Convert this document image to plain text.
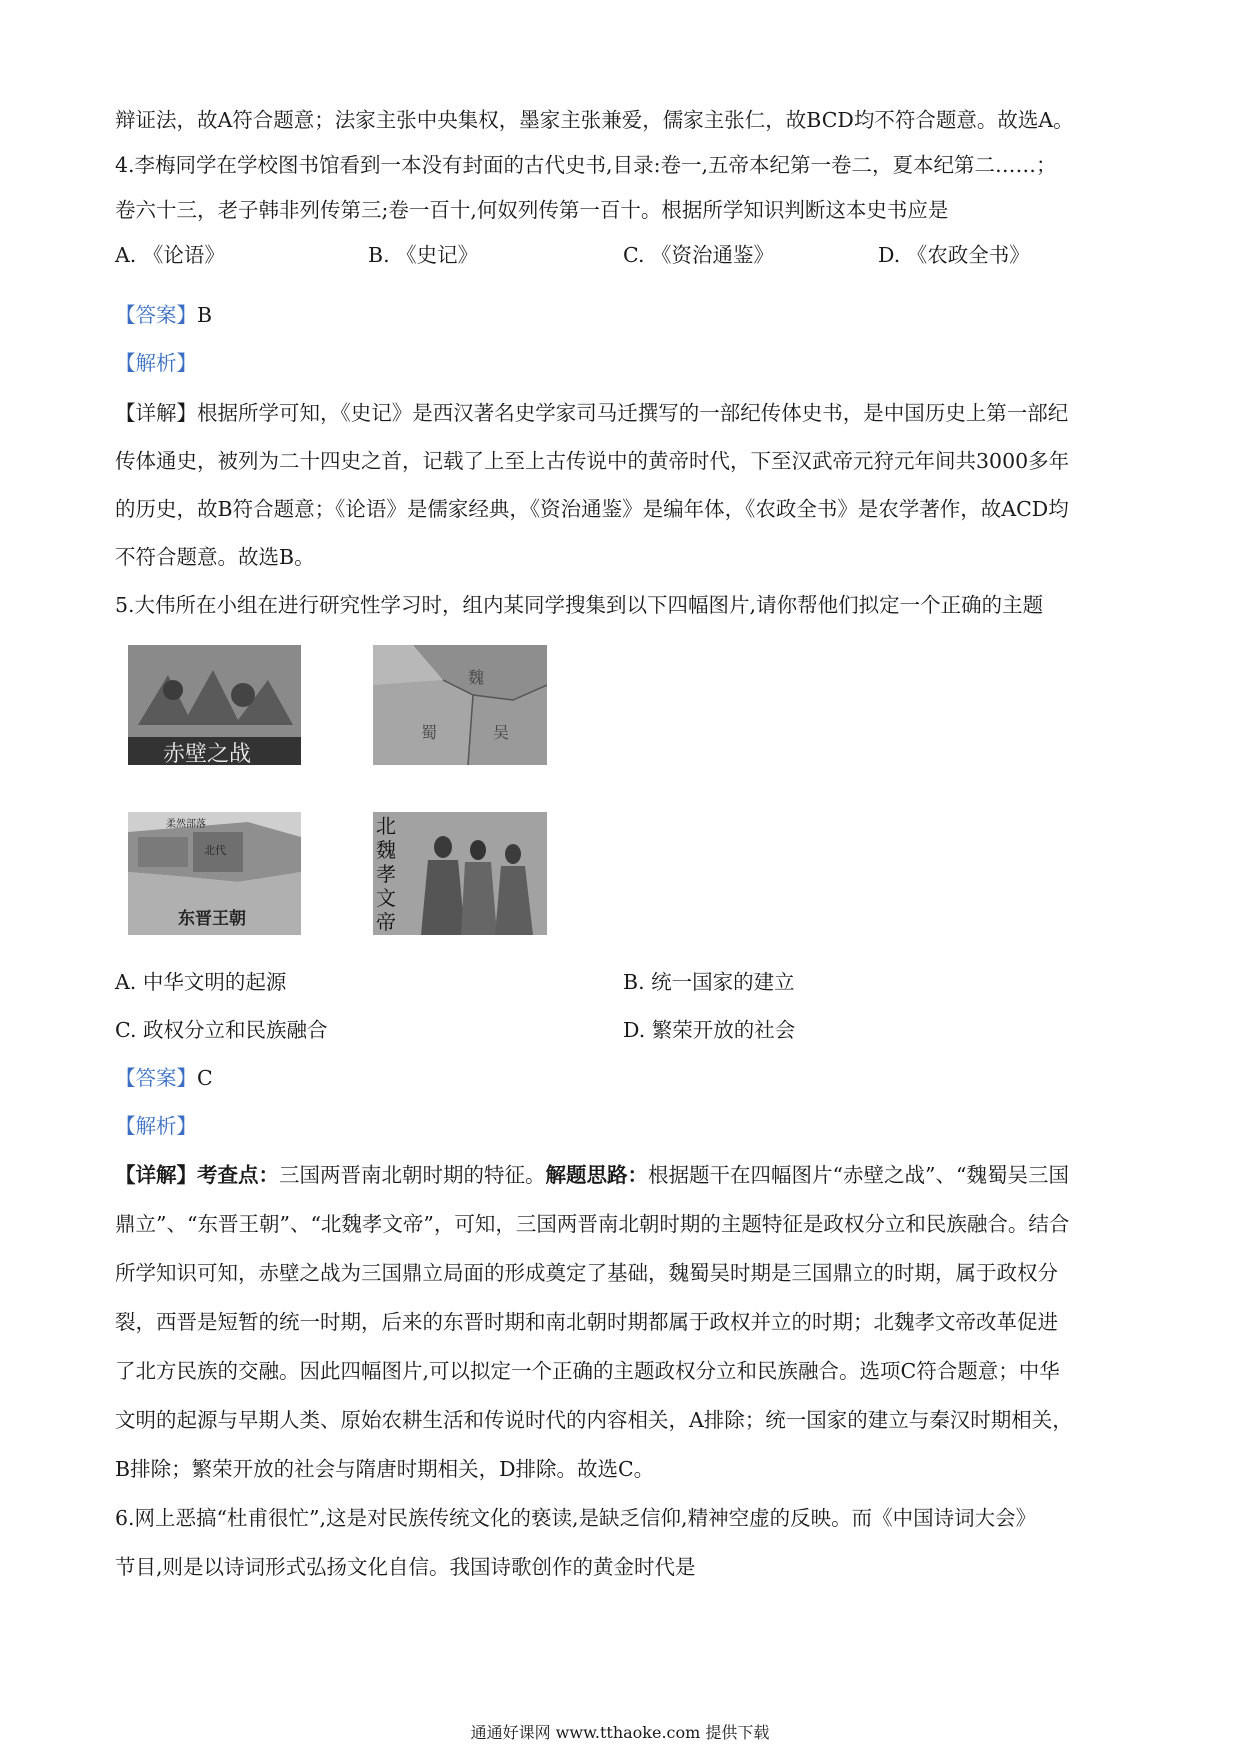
辩证法，故A符合题意；法家主张中央集权，墨家主张兼爱，儒家主张仁，故BCD均不符合题意。故选A。
4.李梅同学在学校图书馆看到一本没有封面的古代史书,目录:卷一,五帝本纪第一卷二，夏本纪第二……；
卷六十三，老子韩非列传第三;卷一百十,何奴列传第一百十。根据所学知识判断这本史书应是
A. 《论语》	B. 《史记》	C. 《资治通鉴》	D. 《农政全书》
【答案】B
【解析】
【详解】根据所学可知，《史记》是西汉著名史学家司马迁撰写的一部纪传体史书，是中国历史上第一部纪
传体通史，被列为二十四史之首，记载了上至上古传说中的黄帝时代，下至汉武帝元狩元年间共3000多年
的历史，故B符合题意；《论语》是儒家经典，《资治通鉴》是编年体，《农政全书》是农学著作，故ACD均
不符合题意。故选B。
5.大伟所在小组在进行研究性学习时，组内某同学搜集到以下四幅图片,请你帮他们拟定一个正确的主题
赤壁之战
魏
蜀	吴
柔然部落
北代
东晋王朝
北魏孝文帝
A. 中华文明的起源	B. 统一国家的建立
C. 政权分立和民族融合	D. 繁荣开放的社会
【答案】C
【解析】
【详解】考查点：三国两晋南北朝时期的特征。解题思路：根据题干在四幅图片“赤壁之战”、“魏蜀吴三国
鼎立”、“东晋王朝”、“北魏孝文帝”，可知，三国两晋南北朝时期的主题特征是政权分立和民族融合。结合
所学知识可知，赤壁之战为三国鼎立局面的形成奠定了基础，魏蜀吴时期是三国鼎立的时期，属于政权分
裂，西晋是短暂的统一时期，后来的东晋时期和南北朝时期都属于政权并立的时期；北魏孝文帝改革促进
了北方民族的交融。因此四幅图片,可以拟定一个正确的主题政权分立和民族融合。选项C符合题意；中华
文明的起源与早期人类、原始农耕生活和传说时代的内容相关，A排除；统一国家的建立与秦汉时期相关，
B排除；繁荣开放的社会与隋唐时期相关，D排除。故选C。
6.网上恶搞“杜甫很忙”,这是对民族传统文化的亵读,是缺乏信仰,精神空虚的反映。而《中国诗词大会》
节目,则是以诗词形式弘扬文化自信。我国诗歌创作的黄金时代是
通通好课网 www.tthaoke.com 提供下载
